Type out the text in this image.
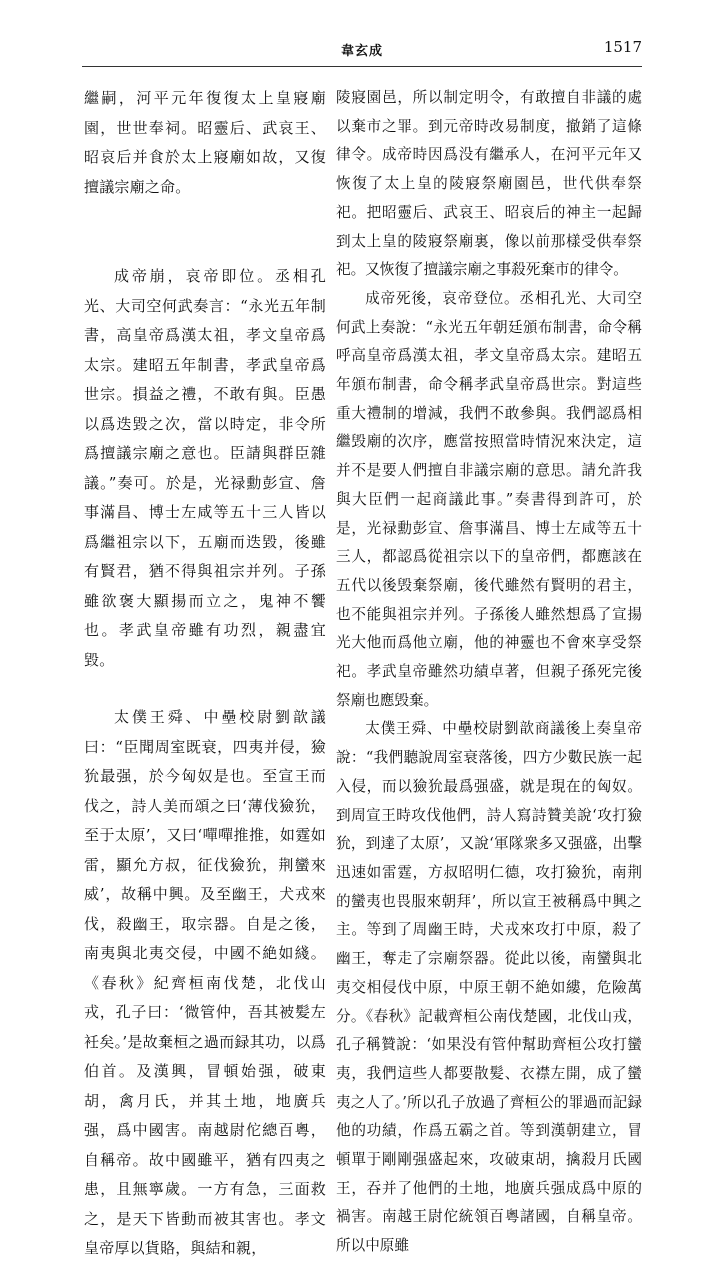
韋玄成	1517

繼嗣，河平元年復復太上皇寢廟園，世世奉祠。昭靈后、武哀王、昭哀后并食於太上寢廟如故，又復擅議宗廟之命。

成帝崩，哀帝即位。丞相孔光、大司空何武奏言：“永光五年制書，高皇帝爲漢太祖，孝文皇帝爲太宗。建昭五年制書，孝武皇帝爲世宗。損益之禮，不敢有與。臣愚以爲迭毀之次，當以時定，非令所爲擅議宗廟之意也。臣請與群臣雜議。”奏可。於是，光禄勳彭宣、詹事滿昌、博士左咸等五十三人皆以爲繼祖宗以下，五廟而迭毀，後雖有賢君，猶不得與祖宗并列。子孫雖欲褒大顯揚而立之，鬼神不饗也。孝武皇帝雖有功烈，親盡宜毀。

太僕王舜、中壘校尉劉歆議曰：“臣聞周室既衰，四夷并侵，獫狁最强，於今匈奴是也。至宣王而伐之，詩人美而頌之曰‘薄伐獫狁，至于太原’，又曰‘嘽嘽推推，如霆如雷，顯允方叔，征伐獫狁，荆蠻來威’，故稱中興。及至幽王，犬戎來伐，殺幽王，取宗器。自是之後，南夷與北夷交侵，中國不絶如綫。《春秋》紀齊桓南伐楚，北伐山戎，孔子曰：‘微管仲，吾其被髪左衽矣。’是故棄桓之過而録其功，以爲伯首。及漢興，冒頓始强，破東胡，禽月氏，并其土地，地廣兵强，爲中國害。南越尉佗總百粵，自稱帝。故中國雖平，猶有四夷之患，且無寧歲。一方有急，三面救之，是天下皆動而被其害也。孝文皇帝厚以貨賂，與結和親，

陵寢園邑，所以制定明令，有敢擅自非議的處以棄市之罪。到元帝時改易制度，撤銷了這條律令。成帝時因爲没有繼承人，在河平元年又恢復了太上皇的陵寢祭廟園邑，世代供奉祭祀。把昭靈后、武哀王、昭哀后的神主一起歸到太上皇的陵寢祭廟裏，像以前那樣受供奉祭祀。又恢復了擅議宗廟之事殺死棄市的律令。

成帝死後，哀帝登位。丞相孔光、大司空何武上奏說：“永光五年朝廷頒布制書，命令稱呼高皇帝爲漢太祖，孝文皇帝爲太宗。建昭五年頒布制書，命令稱孝武皇帝爲世宗。對這些重大禮制的增減，我們不敢參與。我們認爲相繼毁廟的次序，應當按照當時情況來決定，這并不是要人們擅自非議宗廟的意思。請允許我與大臣們一起商議此事。”奏書得到許可，於是，光禄勳彭宣、詹事滿昌、博士左咸等五十三人，都認爲從祖宗以下的皇帝們，都應該在五代以後毁棄祭廟，後代雖然有賢明的君主，也不能與祖宗并列。子孫後人雖然想爲了宣揚光大他而爲他立廟，他的神靈也不會來享受祭祀。孝武皇帝雖然功績卓著，但親子孫死完後祭廟也應毁棄。

太僕王舜、中壘校尉劉歆商議後上奏皇帝說：“我們聽說周室衰落後，四方少數民族一起入侵，而以獫狁最爲强盛，就是現在的匈奴。到周宣王時攻伐他們，詩人寫詩贊美說‘攻打獫狁，到達了太原’，又說‘軍隊衆多又强盛，出擊迅速如雷霆，方叔昭明仁德，攻打獫狁，南荆的蠻夷也畏服來朝拜’，所以宣王被稱爲中興之主。等到了周幽王時，犬戎來攻打中原，殺了幽王，奪走了宗廟祭器。從此以後，南蠻與北夷交相侵伐中原，中原王朝不絶如縷，危險萬分。《春秋》記載齊桓公南伐楚國，北伐山戎，孔子稱贊說：‘如果没有管仲幫助齊桓公攻打蠻夷，我們這些人都要散髪、衣襟左開，成了蠻夷之人了。’所以孔子放過了齊桓公的罪過而記録他的功績，作爲五霸之首。等到漢朝建立，冒頓單于剛剛强盛起來，攻破東胡，擒殺月氏國王，吞并了他們的土地，地廣兵强成爲中原的禍害。南越王尉佗統領百粵諸國，自稱皇帝。所以中原雖
